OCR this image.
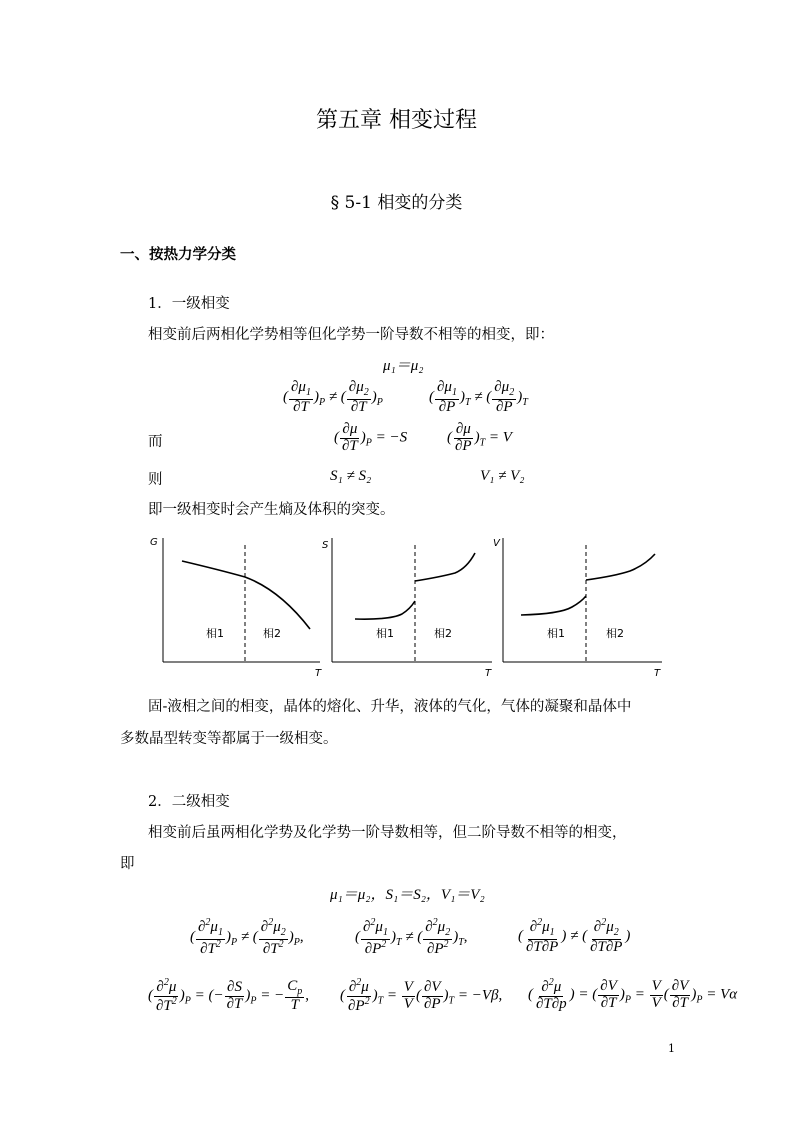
第五章 相变过程
§ 5-1 相变的分类
一、按热力学分类
1．一级相变
相变前后两相化学势相等但化学势一阶导数不相等的相变，即：
μ₁＝μ₂
( $\frac{\partial\mu_1}{\partial T} )_P$ ≠ ( $\frac{\partial\mu_2}{\partial T} )_P$	( $\frac{\partial\mu_1}{\partial P} )_T$ ≠ ( $\frac{\partial\mu_2}{\partial P} )_T$
而	( $\frac{\partial\mu}{\partial T} )_P = -S$	( $\frac{\partial\mu}{\partial P} )_T = V$
则	S₁ ≠ S₂	V₁ ≠ V₂
即一级相变时会产生熵及体积的突变。
G
T
相1	相2
S
T
相1	相2
V
T
相1	相2
固-液相之间的相变，晶体的熔化、升华，液体的气化，气体的凝聚和晶体中
多数晶型转变等都属于一级相变。
2．二级相变
相变前后虽两相化学势及化学势一阶导数相等，但二阶导数不相等的相变，
即
μ₁＝μ₂，S₁＝S₂，V₁＝V₂
( $\frac{\partial^2\mu_1}{\partial T^2} )_P$ ≠ ( $\frac{\partial^2\mu_2}{\partial T^2} )_P$,	( $\frac{\partial^2\mu_1}{\partial P^2} )_T$ ≠ ( $\frac{\partial^2\mu_2}{\partial P^2} )_T$,	( $\frac{\partial^2\mu_1}{\partial T\partial P}$ ) ≠ ( $\frac{\partial^2\mu_2}{\partial T\partial P}$ )
( $\frac{\partial^2\mu}{\partial T^2} )_P$ = (− $\frac{\partial S}{\partial T} )_P$ = − $\frac{C_p}{T}$ , ( $\frac{\partial^2\mu}{\partial P^2} )_T = \frac{V}{V}$ ( $\frac{\partial V}{\partial P} )_T = -V\beta$, ( $\frac{\partial^2\mu}{\partial T\partial p}$ ) = ( $\frac{\partial V}{\partial T} )_P = \frac{V}{V}$ ( $\frac{\partial V}{\partial T} )_P = V\alpha$
1
